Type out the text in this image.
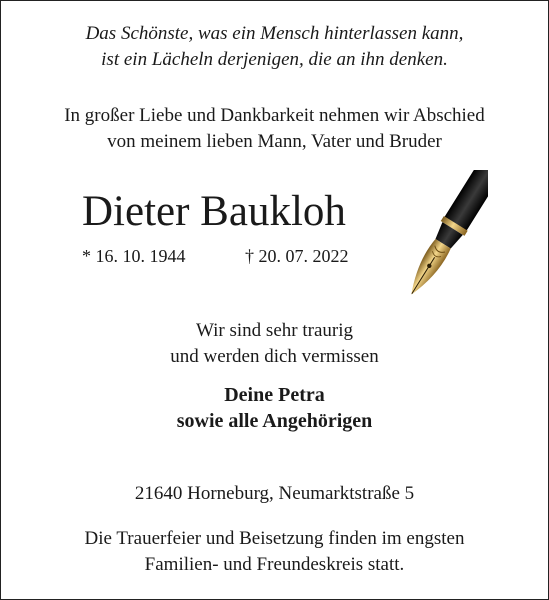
Das Schönste, was ein Mensch hinterlassen kann,
ist ein Lächeln derjenigen, die an ihn denken.
In großer Liebe und Dankbarkeit nehmen wir Abschied
von meinem lieben Mann, Vater und Bruder
Dieter Baukloh
* 16. 10. 1944	† 20. 07. 2022
Wir sind sehr traurig
und werden dich vermissen
Deine Petra
sowie alle Angehörigen
21640 Horneburg, Neumarktstraße 5
Die Trauerfeier und Beisetzung finden im engsten
Familien- und Freundeskreis statt.
